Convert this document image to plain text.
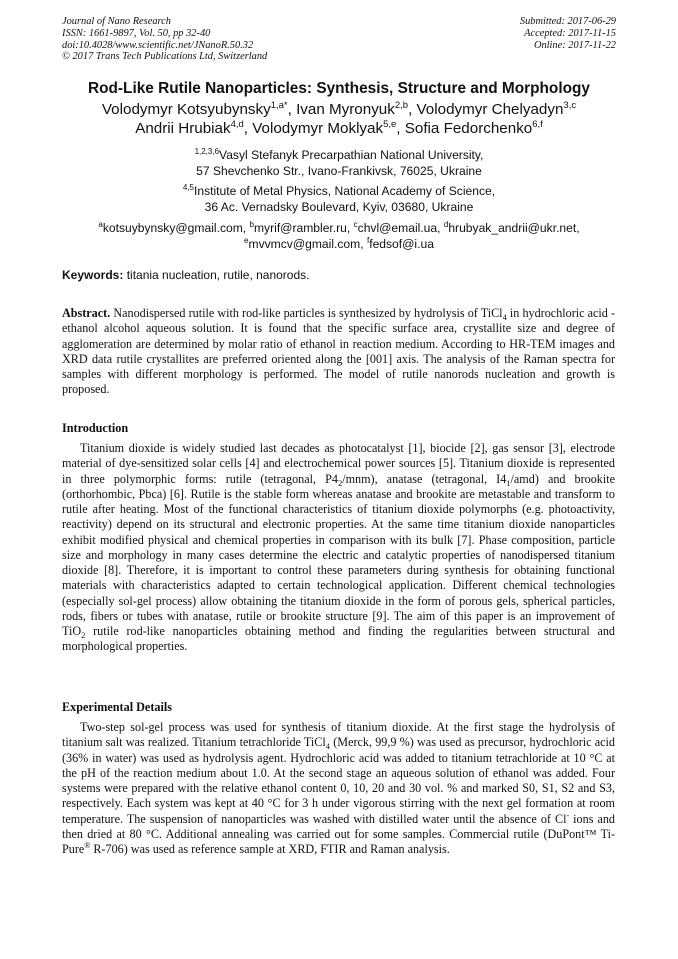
Journal of Nano Research
ISSN: 1661-9897, Vol. 50, pp 32-40
doi:10.4028/www.scientific.net/JNanoR.50.32
© 2017 Trans Tech Publications Ltd, Switzerland
Submitted: 2017-06-29
Accepted: 2017-11-15
Online: 2017-11-22
Rod-Like Rutile Nanoparticles: Synthesis, Structure and Morphology
Volodymyr Kotsyubynsky$^{1,a*}$, Ivan Myronyuk$^{2,b}$, Volodymyr Chelyadyn$^{3,c}$
Andrii Hrubiak$^{4,d}$, Volodymyr Moklyak$^{5,e}$, Sofia Fedorchenko$^{6,f}$
$^{1,2,3,6}$Vasyl Stefanyk Precarpathian National University,
57 Shevchenko Str., Ivano-Frankivsk, 76025, Ukraine
$^{4,5}$Institute of Metal Physics, National Academy of Science,
36 Ac. Vernadsky Boulevard, Kyiv, 03680, Ukraine
$^a$kotsuybynsky@gmail.com, $^b$myrif@rambler.ru, $^c$chvl@email.ua, $^d$hrubyak_andrii@ukr.net,
$^e$mvvmcv@gmail.com, $^f$fedsof@i.ua
Keywords: titania nucleation, rutile, nanorods.

Abstract. Nanodispersed rutile with rod-like particles is synthesized by hydrolysis of TiCl$_4$ in hydrochloric acid - ethanol alcohol aqueous solution. It is found that the specific surface area, crystallite size and degree of agglomeration are determined by molar ratio of ethanol in reaction medium. According to HR-TEM images and XRD data rutile crystallites are preferred oriented along the [001] axis. The analysis of the Raman spectra for samples with different morphology is performed. The model of rutile nanorods nucleation and growth is proposed.

Introduction

Titanium dioxide is widely studied last decades as photocatalyst [1], biocide [2], gas sensor [3], electrode material of dye-sensitized solar cells [4] and electrochemical power sources [5]. Titanium dioxide is represented in three polymorphic forms: rutile (tetragonal, $P4_2/mnm$), anatase (tetragonal, $I4_1/amd$) and brookite (orthorhombic, Pbca) [6]. Rutile is the stable form whereas anatase and brookite are metastable and transform to rutile after heating. Most of the functional characteristics of titanium dioxide polymorphs (e.g. photoactivity, reactivity) depend on its structural and electronic properties. At the same time titanium dioxide nanoparticles exhibit modified physical and chemical properties in comparison with its bulk [7]. Phase composition, particle size and morphology in many cases determine the electric and catalytic properties of nanodispersed titanium dioxide [8]. Therefore, it is important to control these parameters during synthesis for obtaining functional materials with characteristics adapted to certain technological application. Different chemical technologies (especially sol-gel process) allow obtaining the titanium dioxide in the form of porous gels, spherical particles, rods, fibers or tubes with anatase, rutile or brookite structure [9]. The aim of this paper is an improvement of TiO$_2$ rutile rod-like nanoparticles obtaining method and finding the regularities between structural and morphological properties.

Experimental Details

Two-step sol-gel process was used for synthesis of titanium dioxide. At the first stage the hydrolysis of titanium salt was realized. Titanium tetrachloride TiCl$_4$ (Merck, 99,9 %) was used as precursor, hydrochloric acid (36% in water) was used as hydrolysis agent. Hydrochloric acid was added to titanium tetrachloride at 10 °C at the pH of the reaction medium about 1.0. At the second stage an aqueous solution of ethanol was added. Four systems were prepared with the relative ethanol content 0, 10, 20 and 30 vol. % and marked S0, S1, S2 and S3, respectively. Each system was kept at 40 °C for 3 h under vigorous stirring with the next gel formation at room temperature. The suspension of nanoparticles was washed with distilled water until the absence of Cl- ions and then dried at 80 °C. Additional annealing was carried out for some samples. Commercial rutile (DuPont™ Ti-Pure® R-706) was used as reference sample at XRD, FTIR and Raman analysis.
